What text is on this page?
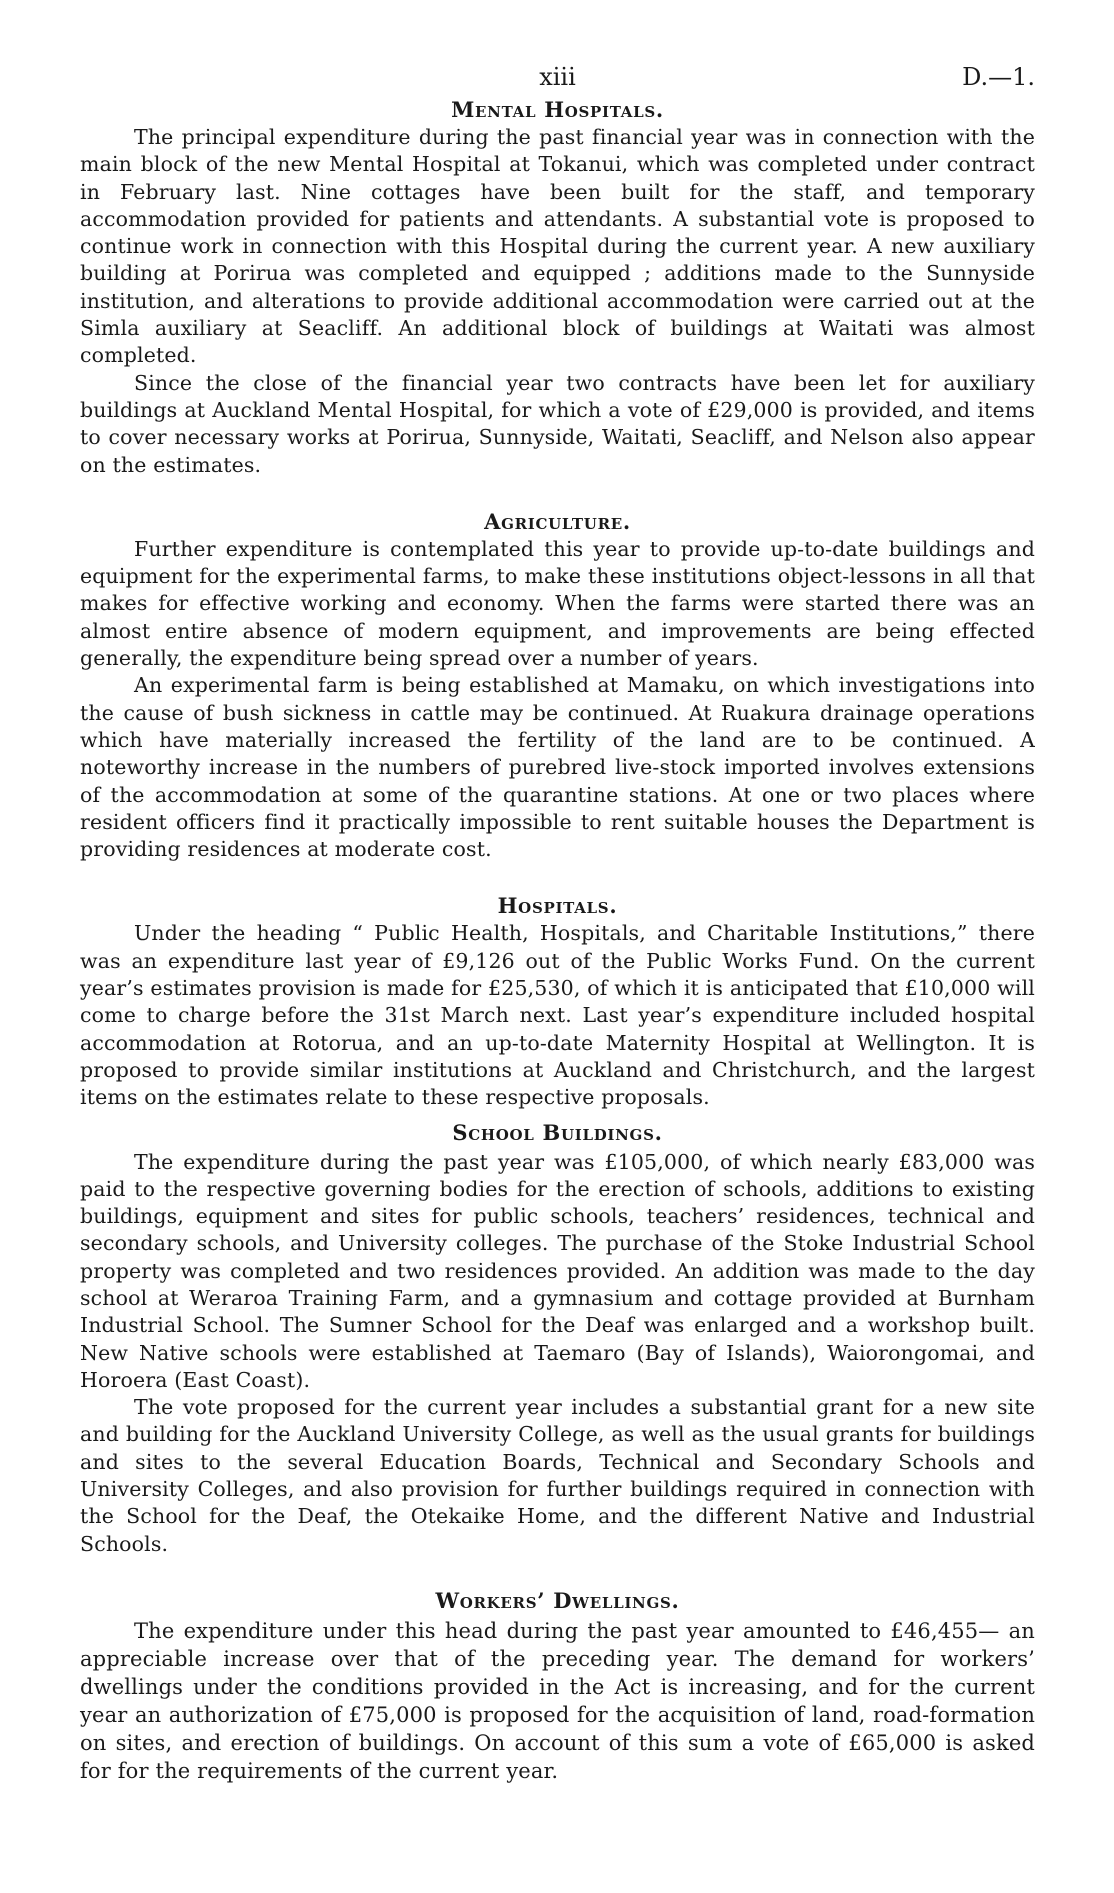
xiii	D.—1.
Mental Hospitals.

The principal expenditure during the past financial year was in connection with the main block of the new Mental Hospital at Tokanui, which was completed under contract in February last. Nine cottages have been built for the staff, and temporary accommodation provided for patients and attendants. A substantial vote is proposed to continue work in connection with this Hospital during the current year. A new auxiliary building at Porirua was completed and equipped ; additions made to the Sunnyside institution, and alterations to provide additional accommodation were carried out at the Simla auxiliary at Seacliff. An additional block of buildings at Waitati was almost completed.

Since the close of the financial year two contracts have been let for auxiliary buildings at Auckland Mental Hospital, for which a vote of £29,000 is provided, and items to cover necessary works at Porirua, Sunnyside, Waitati, Seacliff, and Nelson also appear on the estimates.

Agriculture.

Further expenditure is contemplated this year to provide up-to-date buildings and equipment for the experimental farms, to make these institutions object-lessons in all that makes for effective working and economy. When the farms were started there was an almost entire absence of modern equipment, and improvements are being effected generally, the expenditure being spread over a number of years.

An experimental farm is being established at Mamaku, on which investigations into the cause of bush sickness in cattle may be continued. At Ruakura drainage operations which have materially increased the fertility of the land are to be continued. A noteworthy increase in the numbers of purebred live-stock imported involves extensions of the accommodation at some of the quarantine stations. At one or two places where resident officers find it practically impossible to rent suitable houses the Department is providing residences at moderate cost.

Hospitals.

Under the heading “ Public Health, Hospitals, and Charitable Institutions,” there was an expenditure last year of £9,126 out of the Public Works Fund. On the current year’s estimates provision is made for £25,530, of which it is anticipated that £10,000 will come to charge before the 31st March next. Last year’s expenditure included hospital accommodation at Rotorua, and an up-to-date Maternity Hospital at Wellington. It is proposed to provide similar institutions at Auckland and Christchurch, and the largest items on the estimates relate to these respective proposals.

School Buildings.

The expenditure during the past year was £105,000, of which nearly £83,000 was paid to the respective governing bodies for the erection of schools, additions to existing buildings, equipment and sites for public schools, teachers’ residences, technical and secondary schools, and University colleges. The purchase of the Stoke Industrial School property was completed and two residences provided. An addition was made to the day school at Weraroa Training Farm, and a gymnasium and cottage provided at Burnham Industrial School. The Sumner School for the Deaf was enlarged and a workshop built. New Native schools were established at Taemaro (Bay of Islands), Waiorongomai, and Horoera (East Coast).

The vote proposed for the current year includes a substantial grant for a new site and building for the Auckland University College, as well as the usual grants for buildings and sites to the several Education Boards, Technical and Secondary Schools and University Colleges, and also provision for further buildings required in connection with the School for the Deaf, the Otekaike Home, and the different Native and Industrial Schools.

Workers’ Dwellings.

The expenditure under this head during the past year amounted to £46,455— an appreciable increase over that of the preceding year. The demand for workers’ dwellings under the conditions provided in the Act is increasing, and for the current year an authorization of £75,000 is proposed for the acquisition of land, road-formation on sites, and erection of buildings. On account of this sum a vote of £65,000 is asked for for the requirements of the current year.
